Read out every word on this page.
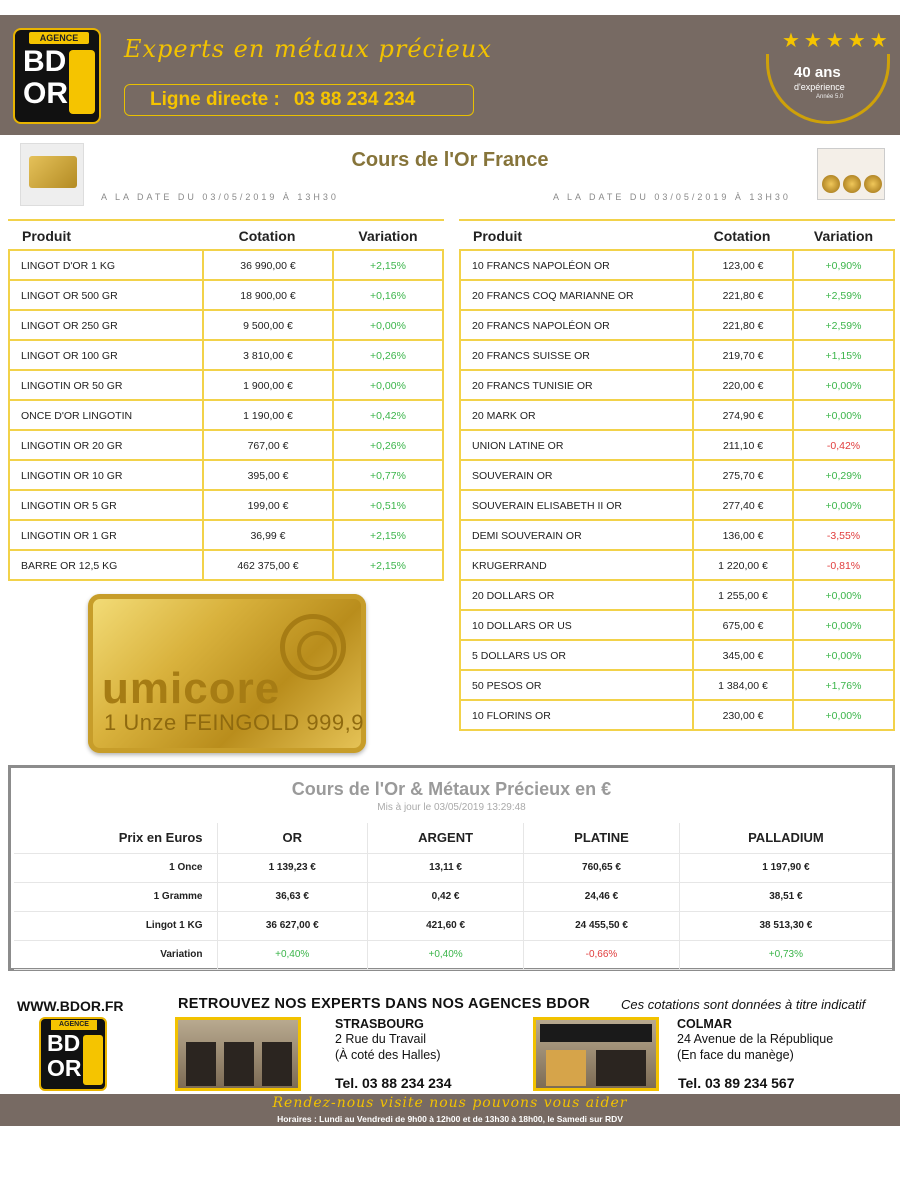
AGENCE
BD
OR
Experts en métaux précieux
Ligne directe : 03 88 234 234
★★★★★
40 ans
d'expérience
Année 5.0
Cours de l'Or France
A LA DATE DU 03/05/2019 À 13H30	A LA DATE DU 03/05/2019 À 13H30
Produit	Cotation	Variation
LINGOT D'OR 1 KG	36 990,00 €	+2,15%
LINGOT OR 500 GR	18 900,00 €	+0,16%
LINGOT OR 250 GR	9 500,00 €	+0,00%
LINGOT OR 100 GR	3 810,00 €	+0,26%
LINGOTIN OR 50 GR	1 900,00 €	+0,00%
ONCE D'OR LINGOTIN	1 190,00 €	+0,42%
LINGOTIN OR 20 GR	767,00 €	+0,26%
LINGOTIN OR 10 GR	395,00 €	+0,77%
LINGOTIN OR 5 GR	199,00 €	+0,51%
LINGOTIN OR 1 GR	36,99 €	+2,15%
BARRE OR 12,5 KG	462 375,00 €	+2,15%
Produit	Cotation	Variation
10 FRANCS NAPOLÉON OR	123,00 €	+0,90%
20 FRANCS COQ MARIANNE OR	221,80 €	+2,59%
20 FRANCS NAPOLÉON OR	221,80 €	+2,59%
20 FRANCS SUISSE OR	219,70 €	+1,15%
20 FRANCS TUNISIE OR	220,00 €	+0,00%
20 MARK OR	274,90 €	+0,00%
UNION LATINE OR	211,10 €	-0,42%
SOUVERAIN OR	275,70 €	+0,29%
SOUVERAIN ELISABETH II OR	277,40 €	+0,00%
DEMI SOUVERAIN OR	136,00 €	-3,55%
KRUGERRAND	1 220,00 €	-0,81%
20 DOLLARS OR	1 255,00 €	+0,00%
10 DOLLARS OR US	675,00 €	+0,00%
5 DOLLARS US OR	345,00 €	+0,00%
50 PESOS OR	1 384,00 €	+1,76%
10 FLORINS OR	230,00 €	+0,00%
umicore
1 Unze FEINGOLD 999,9
Cours de l'Or & Métaux Précieux en €
Mis à jour le 03/05/2019 13:29:48
Prix en Euros	OR	ARGENT	PLATINE	PALLADIUM
1 Once	1 139,23 €	13,11 €	760,65 €	1 197,90 €
1 Gramme	36,63 €	0,42 €	24,46 €	38,51 €
Lingot 1 KG	36 627,00 €	421,60 €	24 455,50 €	38 513,30 €
Variation	+0,40%	+0,40%	-0,66%	+0,73%
WWW.BDOR.FR	RETROUVEZ NOS EXPERTS DANS NOS AGENCES BDOR Ces cotations sont données à titre indicatif
AGENCE
BD
OR
STRASBOURG
2 Rue du Travail
(À coté des Halles)
Tel. 03 88 234 234
COLMAR
24 Avenue de la République
(En face du manège)
Tel. 03 89 234 567
Rendez-nous visite nous pouvons vous aider
Horaires : Lundi au Vendredi de 9h00 à 12h00 et de 13h30 à 18h00, le Samedi sur RDV
